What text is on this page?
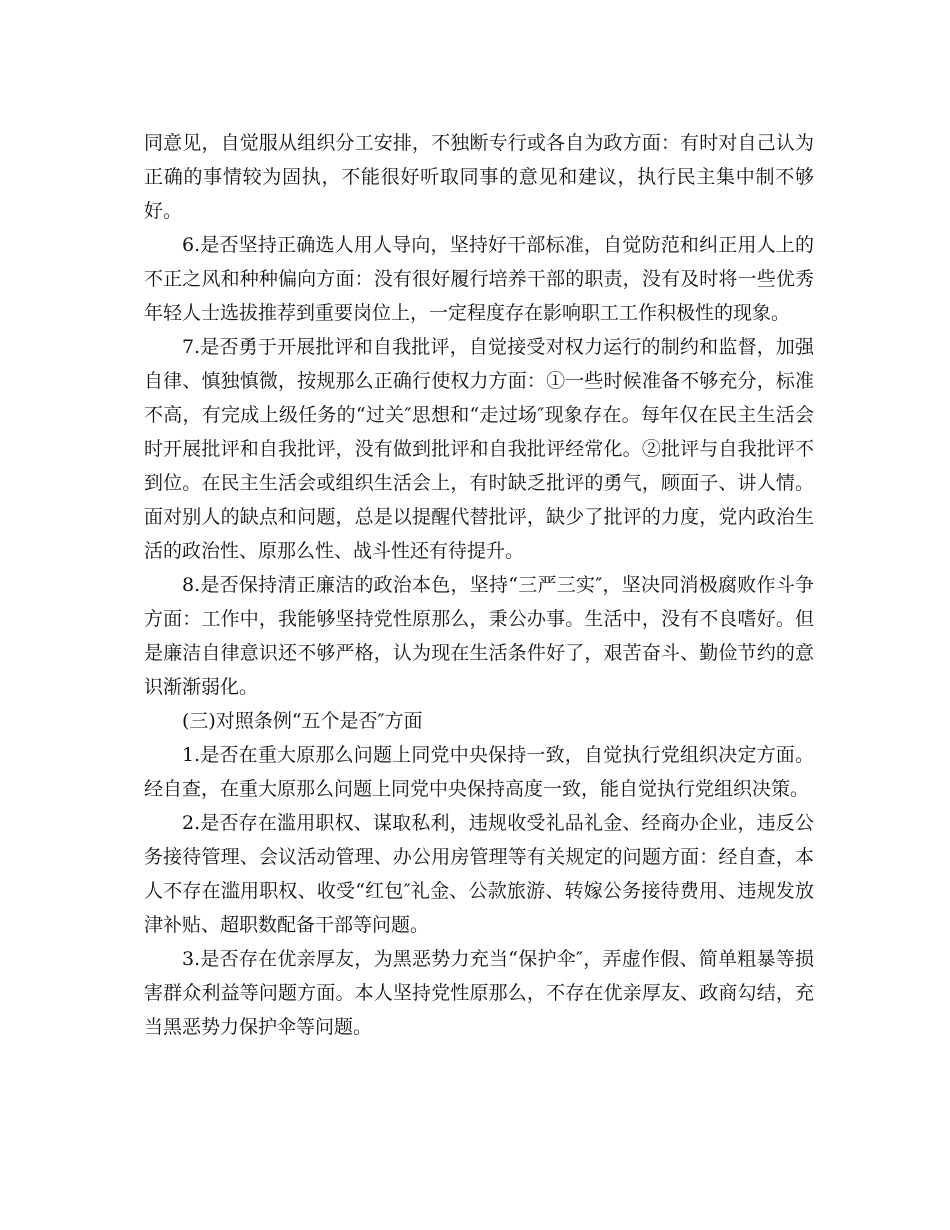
同意见，自觉服从组织分工安排，不独断专行或各自为政方面：有时对自己认为正确的事情较为固执，不能很好听取同事的意见和建议，执行民主集中制不够好。

6.是否坚持正确选人用人导向，坚持好干部标准，自觉防范和纠正用人上的不正之风和种种偏向方面：没有很好履行培养干部的职责，没有及时将一些优秀年轻人士选拔推荐到重要岗位上，一定程度存在影响职工工作积极性的现象。

7.是否勇于开展批评和自我批评，自觉接受对权力运行的制约和监督，加强自律、慎独慎微，按规那么正确行使权力方面：①一些时候准备不够充分，标准不高，有完成上级任务的“过关″思想和“走过场″现象存在。每年仅在民主生活会时开展批评和自我批评，没有做到批评和自我批评经常化。②批评与自我批评不到位。在民主生活会或组织生活会上，有时缺乏批评的勇气，顾面子、讲人情。面对别人的缺点和问题，总是以提醒代替批评，缺少了批评的力度，党内政治生活的政治性、原那么性、战斗性还有待提升。

8.是否保持清正廉洁的政治本色，坚持“三严三实″，坚决同消极腐败作斗争方面：工作中，我能够坚持党性原那么，秉公办事。生活中，没有不良嗜好。但是廉洁自律意识还不够严格，认为现在生活条件好了，艰苦奋斗、勤俭节约的意识渐渐弱化。

(三)对照条例“五个是否″方面

1.是否在重大原那么问题上同党中央保持一致，自觉执行党组织决定方面。经自查，在重大原那么问题上同党中央保持高度一致，能自觉执行党组织决策。

2.是否存在滥用职权、谋取私利，违规收受礼品礼金、经商办企业，违反公务接待管理、会议活动管理、办公用房管理等有关规定的问题方面：经自查，本人不存在滥用职权、收受“红包″礼金、公款旅游、转嫁公务接待费用、违规发放津补贴、超职数配备干部等问题。

3.是否存在优亲厚友，为黑恶势力充当“保护伞″，弄虚作假、简单粗暴等损害群众利益等问题方面。本人坚持党性原那么，不存在优亲厚友、政商勾结，充当黑恶势力保护伞等问题。
